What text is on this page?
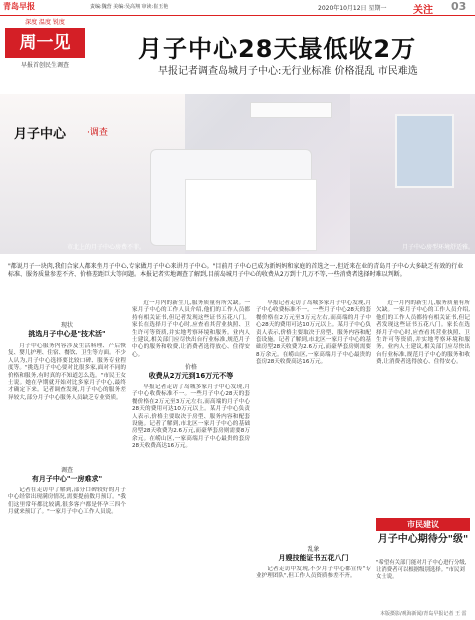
青岛早报	责编:魏营 美编:吴高翔 审读:崔玉艳	2020年10月12日 星期一	关注 03
深度 温度 锐度
周一见
早报首创民生调查
月子中心28天最低收2万
早报记者调查岛城月子中心:无行业标准 价格混乱 市民难选
月子中心 ·调查
市北上的月子中心房费不菲。	月子中心房型环境舒适雅。
"都说月子一块肉,我们合家人都来坐月子中心,专家做月子中心来讲月子中心。"目前月子中心已成为新妈妈和家庭的首选之一,但近来在业的青岛月子中心大多缺乏有效的行业标准、服务质量参差不齐、价格差距巨大等问题。本报记者实地调查了解到,目前岛城月子中心的收费从2万到十几万不等,一些消费者选择时难以判断。
现状
挑选月子中心是"技术活"

月子中心服务内容涉及生活料理、产后恢复、婴儿护理、住宿、餐饮、卫生等方面。不少人认为,月子中心选择要比较口碑、服务专业程度等。"挑选月子中心要对比很多家,面对不同的价格和服务,有时真的不知道怎么选。"市民王女士说。她在孕期就开始对比多家月子中心,最终才确定下来。记者调查发现,月子中心的服务差异较大,部分月子中心服务人员缺乏专业资质。

调查
有月子中心"一房难求"

记者在走访中了解到,部分口碑较好的月子中心经常出现满房情况,需要提前数月预订。"我们这里常年都比较满,很多客户都是怀孕三四个月就来预订了。"一家月子中心工作人员说。

近一月内的新生儿,服务质量有所欠缺。一家月子中心的工作人员介绍,他们的工作人员都持有相关证书,但记者发现这些证书五花八门。家长在选择月子中心时,应查看其营业执照、卫生许可等资质,并实地考察环境和服务。业内人士建议,相关部门应尽快出台行业标准,规范月子中心的服务和收费,让消费者选得放心、住得安心。

价格
收费从2万元到16万元不等

早报记者走访了岛城多家月子中心发现,月子中心收费标准不一。一些月子中心28天的套餐价格在2万元至3万元左右,而高端的月子中心28天的费用可达10万元以上。某月子中心负责人表示,价格主要取决于房型、服务内容和配套设施。记者了解到,市北区一家月子中心的基础房型28天收费为2.6万元,而豪华套房则需要8万余元。在崂山区,一家高端月子中心最贵的套房28天收费高达16万元。

早报记者走访了岛城多家月子中心发现,月子中心收费标准不一。一些月子中心28天的套餐价格在2万元至3万元左右,而高端的月子中心28天的费用可达10万元以上。某月子中心负责人表示,价格主要取决于房型、服务内容和配套设施。记者了解到,市北区一家月子中心的基础房型28天收费为2.6万元,而豪华套房则需要8万余元。在崂山区,一家高端月子中心最贵的套房28天收费高达16万元。

乱象
月嫂技能证书五花八门

记者走访中发现,不少月子中心都宣传"专业护理团队",但工作人员资质参差不齐。

近一月内的新生儿,服务质量有所欠缺。一家月子中心的工作人员介绍,他们的工作人员都持有相关证书,但记者发现这些证书五花八门。家长在选择月子中心时,应查看其营业执照、卫生许可等资质,并实地考察环境和服务。业内人士建议,相关部门应尽快出台行业标准,规范月子中心的服务和收费,让消费者选得放心、住得安心。

市民建议
月子中心期待分"级"
"希望有关部门能对月子中心进行分级,让消费者可以根据级别选择。"市民刘女士说。
本版摄影/观海新闻/青岛早报记者 王 雷
